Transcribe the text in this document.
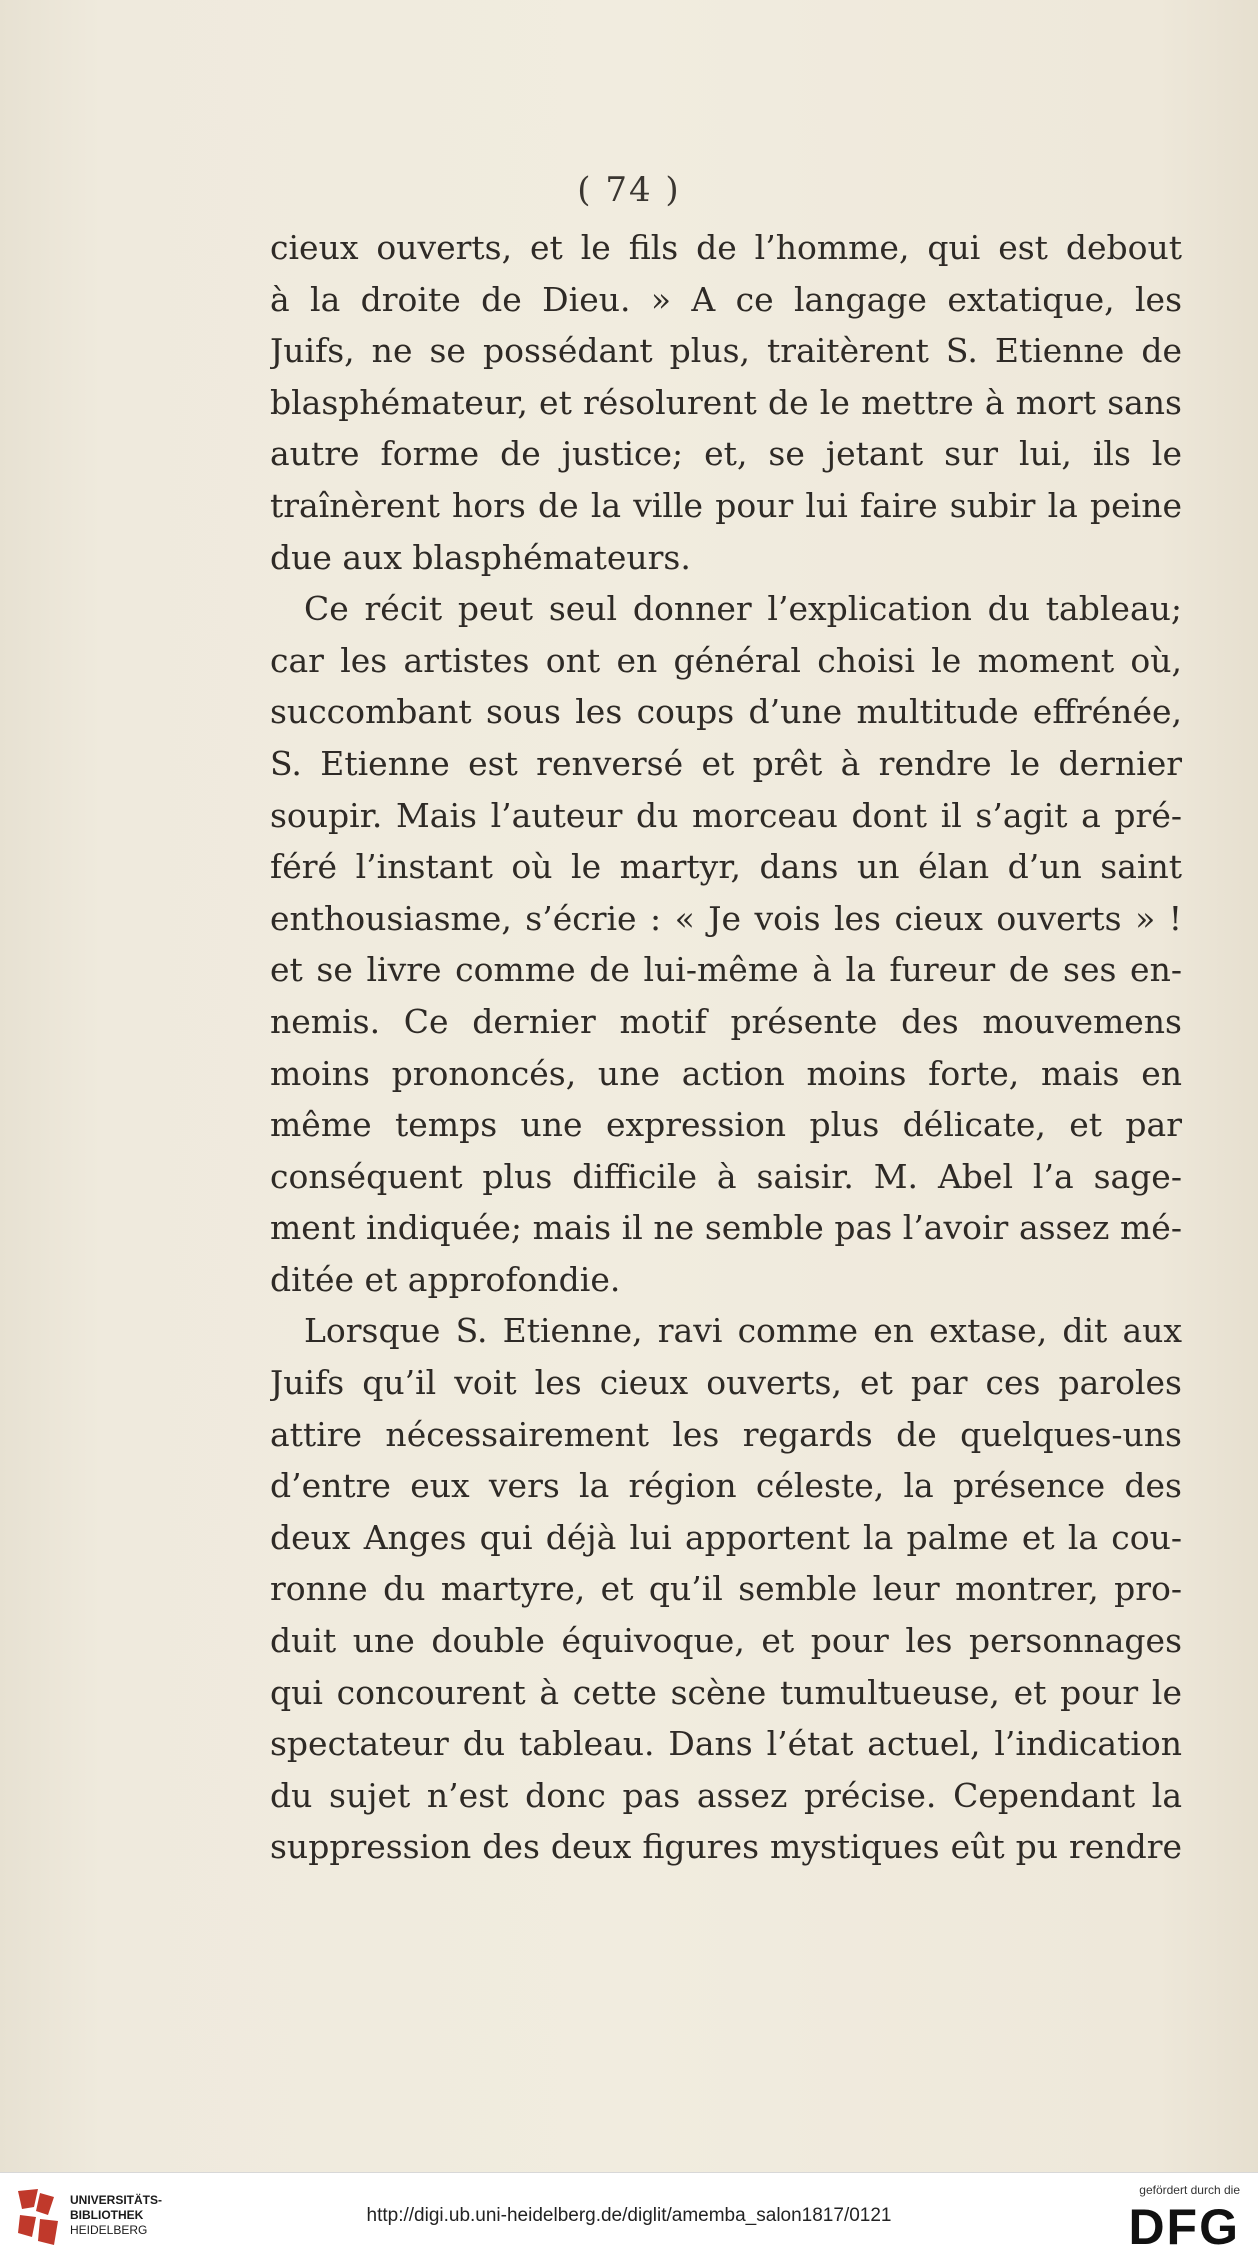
( 74 )
cieux ouverts, et le fils de l’homme, qui est debout
à la droite de Dieu. » A ce langage extatique, les
Juifs, ne se possédant plus, traitèrent S. Etienne de
blasphémateur, et résolurent de le mettre à mort sans
autre forme de justice; et, se jetant sur lui, ils le
traînèrent hors de la ville pour lui faire subir la peine
due aux blasphémateurs.
Ce récit peut seul donner l’explication du tableau;
car les artistes ont en général choisi le moment où,
succombant sous les coups d’une multitude effrénée,
S. Etienne est renversé et prêt à rendre le dernier
soupir. Mais l’auteur du morceau dont il s’agit a pré-
féré l’instant où le martyr, dans un élan d’un saint
enthousiasme, s’écrie : « Je vois les cieux ouverts » !
et se livre comme de lui-même à la fureur de ses en-
nemis. Ce dernier motif présente des mouvemens
moins prononcés, une action moins forte, mais en
même temps une expression plus délicate, et par
conséquent plus difficile à saisir. M. Abel l’a sage-
ment indiquée; mais il ne semble pas l’avoir assez mé-
ditée et approfondie.
Lorsque S. Etienne, ravi comme en extase, dit aux
Juifs qu’il voit les cieux ouverts, et par ces paroles
attire nécessairement les regards de quelques-uns
d’entre eux vers la région céleste, la présence des
deux Anges qui déjà lui apportent la palme et la cou-
ronne du martyre, et qu’il semble leur montrer, pro-
duit une double équivoque, et pour les personnages
qui concourent à cette scène tumultueuse, et pour le
spectateur du tableau. Dans l’état actuel, l’indication
du sujet n’est donc pas assez précise. Cependant la
suppression des deux figures mystiques eût pu rendre
UNIVERSITÄTS-
BIBLIOTHEK
HEIDELBERG
http://digi.ub.uni-heidelberg.de/diglit/amemba_salon1817/0121
gefördert durch die
DFG
